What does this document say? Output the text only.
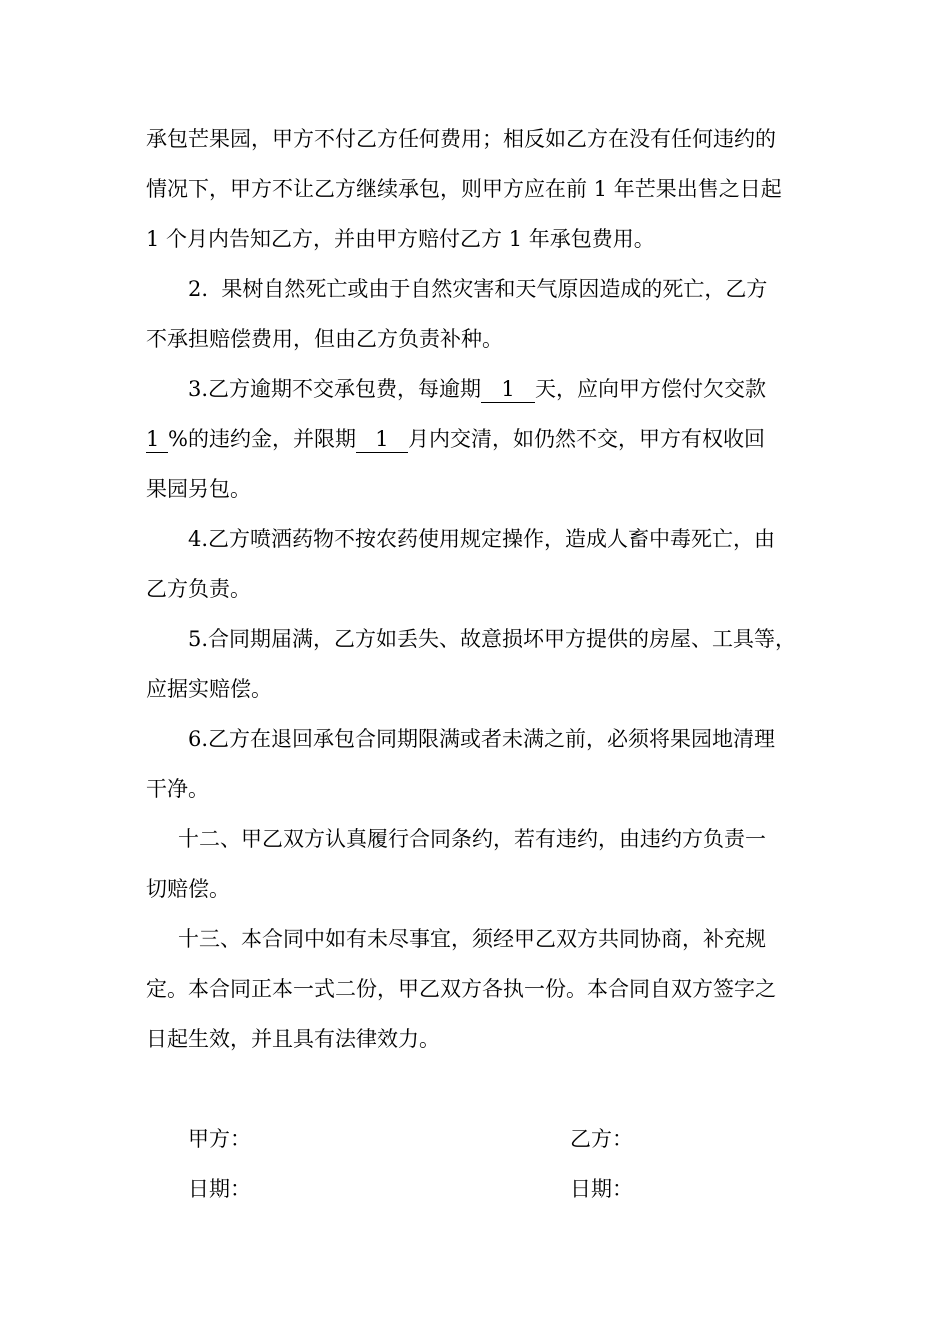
承包芒果园，甲方不付乙方任何费用；相反如乙方在没有任何违约的
情况下，甲方不让乙方继续承包，则甲方应在前 1 年芒果出售之日起
1 个月内告知乙方，并由甲方赔付乙方 1 年承包费用。
2.  果树自然死亡或由于自然灾害和天气原因造成的死亡，乙方
不承担赔偿费用，但由乙方负责补种。
3.乙方逾期不交承包费，每逾期 1 天，应向甲方偿付欠交款
1 %的违约金，并限期 1 月内交清，如仍然不交，甲方有权收回
果园另包。
4.乙方喷洒药物不按农药使用规定操作，造成人畜中毒死亡，由
乙方负责。
5.合同期届满，乙方如丢失、故意损坏甲方提供的房屋、工具等，
应据实赔偿。
6.乙方在退回承包合同期限满或者未满之前，必须将果园地清理
干净。
十二、甲乙双方认真履行合同条约，若有违约，由违约方负责一
切赔偿。
十三、本合同中如有未尽事宜，须经甲乙双方共同协商，补充规
定。本合同正本一式二份，甲乙双方各执一份。本合同自双方签字之
日起生效，并且具有法律效力。
甲方：	乙方：
日期：	日期：
